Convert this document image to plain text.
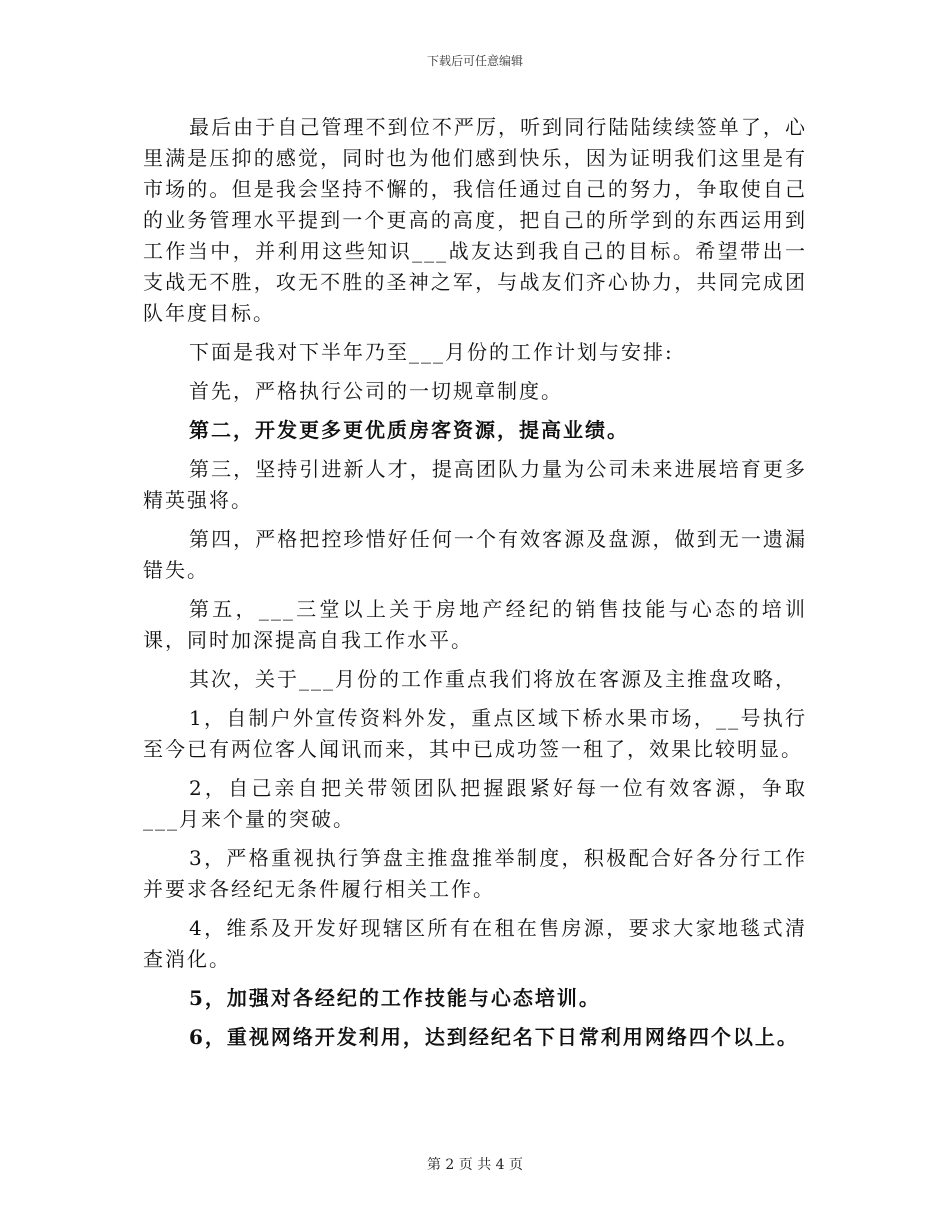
下载后可任意编辑

最后由于自己管理不到位不严厉，听到同行陆陆续续签单了，心里满是压抑的感觉，同时也为他们感到快乐，因为证明我们这里是有市场的。但是我会坚持不懈的，我信任通过自己的努力，争取使自己的业务管理水平提到一个更高的高度，把自己的所学到的东西运用到工作当中，并利用这些知识___战友达到我自己的目标。希望带出一支战无不胜，攻无不胜的圣神之军，与战友们齐心协力，共同完成团队年度目标。

下面是我对下半年乃至___月份的工作计划与安排:

首先，严格执行公司的一切规章制度。

第二，开发更多更优质房客资源，提高业绩。

第三，坚持引进新人才，提高团队力量为公司未来进展培育更多精英强将。

第四，严格把控珍惜好任何一个有效客源及盘源，做到无一遗漏错失。

第五，___三堂以上关于房地产经纪的销售技能与心态的培训课，同时加深提高自我工作水平。

其次，关于___月份的工作重点我们将放在客源及主推盘攻略，

1，自制户外宣传资料外发，重点区域下桥水果市场，__号执行至今已有两位客人闻讯而来，其中已成功签一租了，效果比较明显。

2，自己亲自把关带领团队把握跟紧好每一位有效客源，争取___月来个量的突破。

3，严格重视执行笋盘主推盘推举制度，积极配合好各分行工作并要求各经纪无条件履行相关工作。

4，维系及开发好现辖区所有在租在售房源，要求大家地毯式清查消化。

5，加强对各经纪的工作技能与心态培训。

6，重视网络开发利用，达到经纪名下日常利用网络四个以上。

第 2 页 共 4 页
